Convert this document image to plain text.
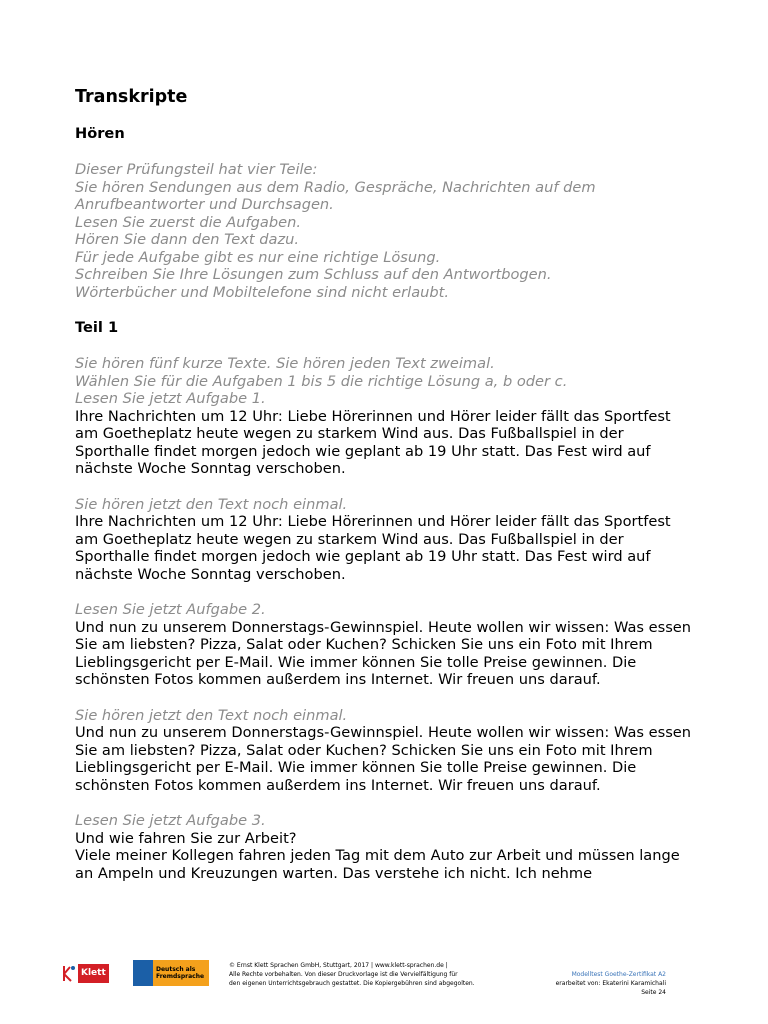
Transkripte
Hören

Dieser Prüfungsteil hat vier Teile:

Sie hören Sendungen aus dem Radio, Gespräche, Nachrichten auf dem Anrufbeantworter und Durchsagen.

Lesen Sie zuerst die Aufgaben.

Hören Sie dann den Text dazu.

Für jede Aufgabe gibt es nur eine richtige Lösung.

Schreiben Sie Ihre Lösungen zum Schluss auf den Antwortbogen.

Wörterbücher und Mobiltelefone sind nicht erlaubt.

Teil 1

Sie hören fünf kurze Texte. Sie hören jeden Text zweimal.

Wählen Sie für die Aufgaben 1 bis 5 die richtige Lösung a, b oder c.

Lesen Sie jetzt Aufgabe 1.

Ihre Nachrichten um 12 Uhr: Liebe Hörerinnen und Hörer leider fällt das Sportfest am Goetheplatz heute wegen zu starkem Wind aus. Das Fußballspiel in der Sporthalle findet morgen jedoch wie geplant ab 19 Uhr statt. Das Fest wird auf nächste Woche Sonntag verschoben.

Sie hören jetzt den Text noch einmal.

Ihre Nachrichten um 12 Uhr: Liebe Hörerinnen und Hörer leider fällt das Sportfest am Goetheplatz heute wegen zu starkem Wind aus. Das Fußballspiel in der Sporthalle findet morgen jedoch wie geplant ab 19 Uhr statt. Das Fest wird auf nächste Woche Sonntag verschoben.

Lesen Sie jetzt Aufgabe 2.

Und nun zu unserem Donnerstags-Gewinnspiel. Heute wollen wir wissen: Was essen Sie am liebsten? Pizza, Salat oder Kuchen? Schicken Sie uns ein Foto mit Ihrem Lieblingsgericht per E-Mail. Wie immer können Sie tolle Preise gewinnen. Die schönsten Fotos kommen außerdem ins Internet. Wir freuen uns darauf.

Sie hören jetzt den Text noch einmal.

Und nun zu unserem Donnerstags-Gewinnspiel. Heute wollen wir wissen: Was essen Sie am liebsten? Pizza, Salat oder Kuchen? Schicken Sie uns ein Foto mit Ihrem Lieblingsgericht per E-Mail. Wie immer können Sie tolle Preise gewinnen. Die schönsten Fotos kommen außerdem ins Internet. Wir freuen uns darauf.

Lesen Sie jetzt Aufgabe 3.

Und wie fahren Sie zur Arbeit?

Viele meiner Kollegen fahren jeden Tag mit dem Auto zur Arbeit und müssen lange an Ampeln und Kreuzungen warten. Das verstehe ich nicht. Ich nehme

Klett	Deutsch als
Fremdsprache
© Ernst Klett Sprachen GmbH, Stuttgart, 2017 | www.klett-sprachen.de |
Alle Rechte vorbehalten. Von dieser Druckvorlage ist die Vervielfältigung für
den eigenen Unterrichtsgebrauch gestattet. Die Kopiergebühren sind abgegolten.
Modelltest Goethe-Zertifikat A2
erarbeitet von: Ekaterini Karamichali
Seite 24
